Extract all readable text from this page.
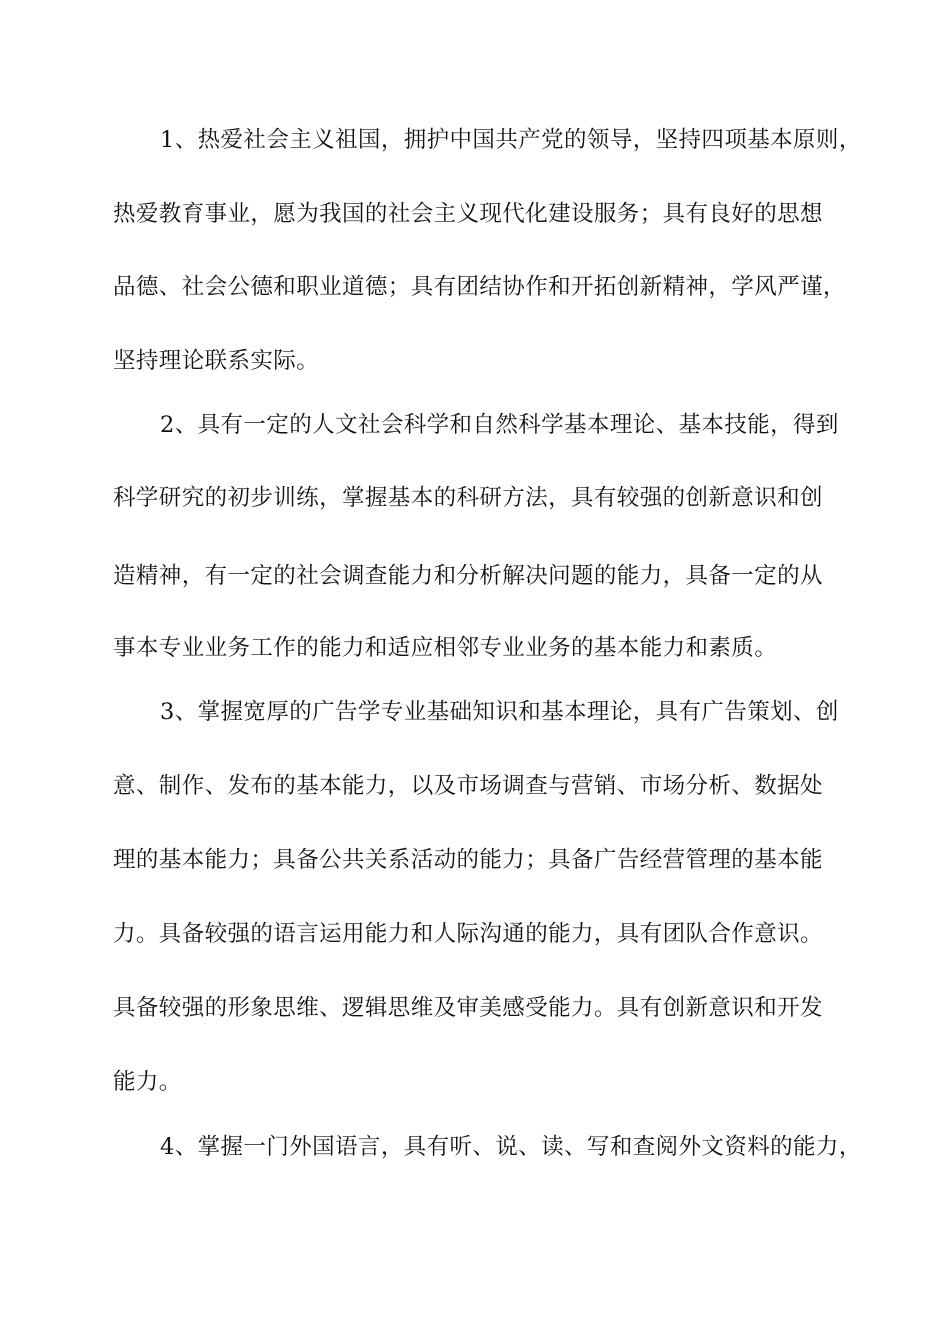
1、热爱社会主义祖国，拥护中国共产党的领导，坚持四项基本原则，
热爱教育事业，愿为我国的社会主义现代化建设服务；具有良好的思想
品德、社会公德和职业道德；具有团结协作和开拓创新精神，学风严谨，
坚持理论联系实际。
2、具有一定的人文社会科学和自然科学基本理论、基本技能，得到
科学研究的初步训练，掌握基本的科研方法，具有较强的创新意识和创
造精神，有一定的社会调查能力和分析解决问题的能力，具备一定的从
事本专业业务工作的能力和适应相邻专业业务的基本能力和素质。
3、掌握宽厚的广告学专业基础知识和基本理论，具有广告策划、创
意、制作、发布的基本能力，以及市场调查与营销、市场分析、数据处
理的基本能力；具备公共关系活动的能力；具备广告经营管理的基本能
力。具备较强的语言运用能力和人际沟通的能力，具有团队合作意识。
具备较强的形象思维、逻辑思维及审美感受能力。具有创新意识和开发
能力。
4、掌握一门外国语言，具有听、说、读、写和查阅外文资料的能力，
